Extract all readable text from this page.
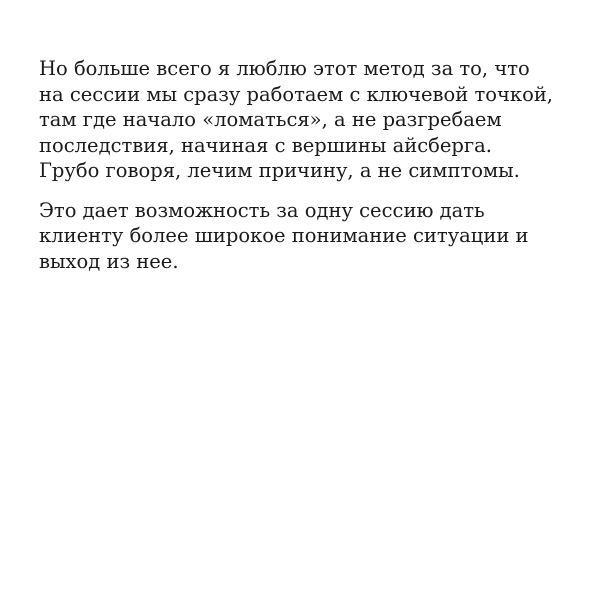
Но больше всего я люблю этот метод за то, что
на сессии мы сразу работаем с ключевой точкой,
там где начало «ломаться», а не разгребаем
последствия, начиная с вершины айсберга.
Грубо говоря, лечим причину, а не симптомы.

Это дает возможность за одну сессию дать
клиенту более широкое понимание ситуации и
выход из нее.
